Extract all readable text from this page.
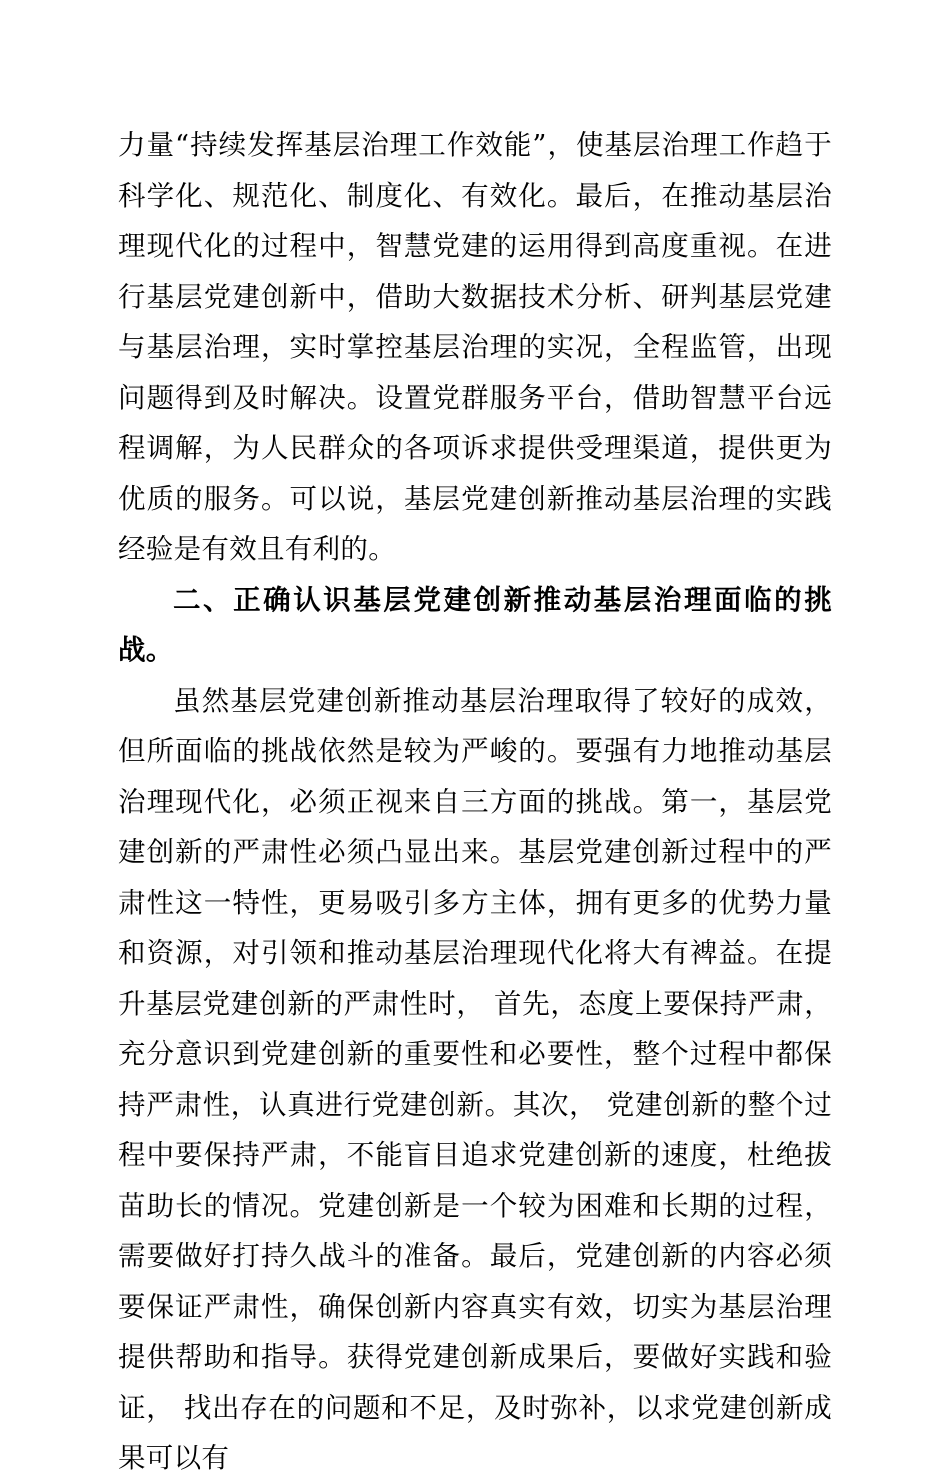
力量“持续发挥基层治理工作效能”，使基层治理工作趋于科学化、规范化、制度化、有效化。最后，在推动基层治理现代化的过程中，智慧党建的运用得到高度重视。在进行基层党建创新中，借助大数据技术分析、研判基层党建与基层治理，实时掌控基层治理的实况，全程监管，出现问题得到及时解决。设置党群服务平台，借助智慧平台远程调解，为人民群众的各项诉求提供受理渠道，提供更为优质的服务。可以说，基层党建创新推动基层治理的实践经验是有效且有利的。

二、正确认识基层党建创新推动基层治理面临的挑战。

虽然基层党建创新推动基层治理取得了较好的成效，但所面临的挑战依然是较为严峻的。要强有力地推动基层治理现代化，必须正视来自三方面的挑战。第一，基层党建创新的严肃性必须凸显出来。基层党建创新过程中的严肃性这一特性，更易吸引多方主体，拥有更多的优势力量和资源，对引领和推动基层治理现代化将大有裨益。在提升基层党建创新的严肃性时， 首先，态度上要保持严肃，充分意识到党建创新的重要性和必要性，整个过程中都保持严肃性，认真进行党建创新。其次， 党建创新的整个过程中要保持严肃，不能盲目追求党建创新的速度，杜绝拔苗助长的情况。党建创新是一个较为困难和长期的过程，需要做好打持久战斗的准备。最后，党建创新的内容必须要保证严肃性，确保创新内容真实有效，切实为基层治理提供帮助和指导。获得党建创新成果后，要做好实践和验证， 找出存在的问题和不足，及时弥补，以求党建创新成果可以有
